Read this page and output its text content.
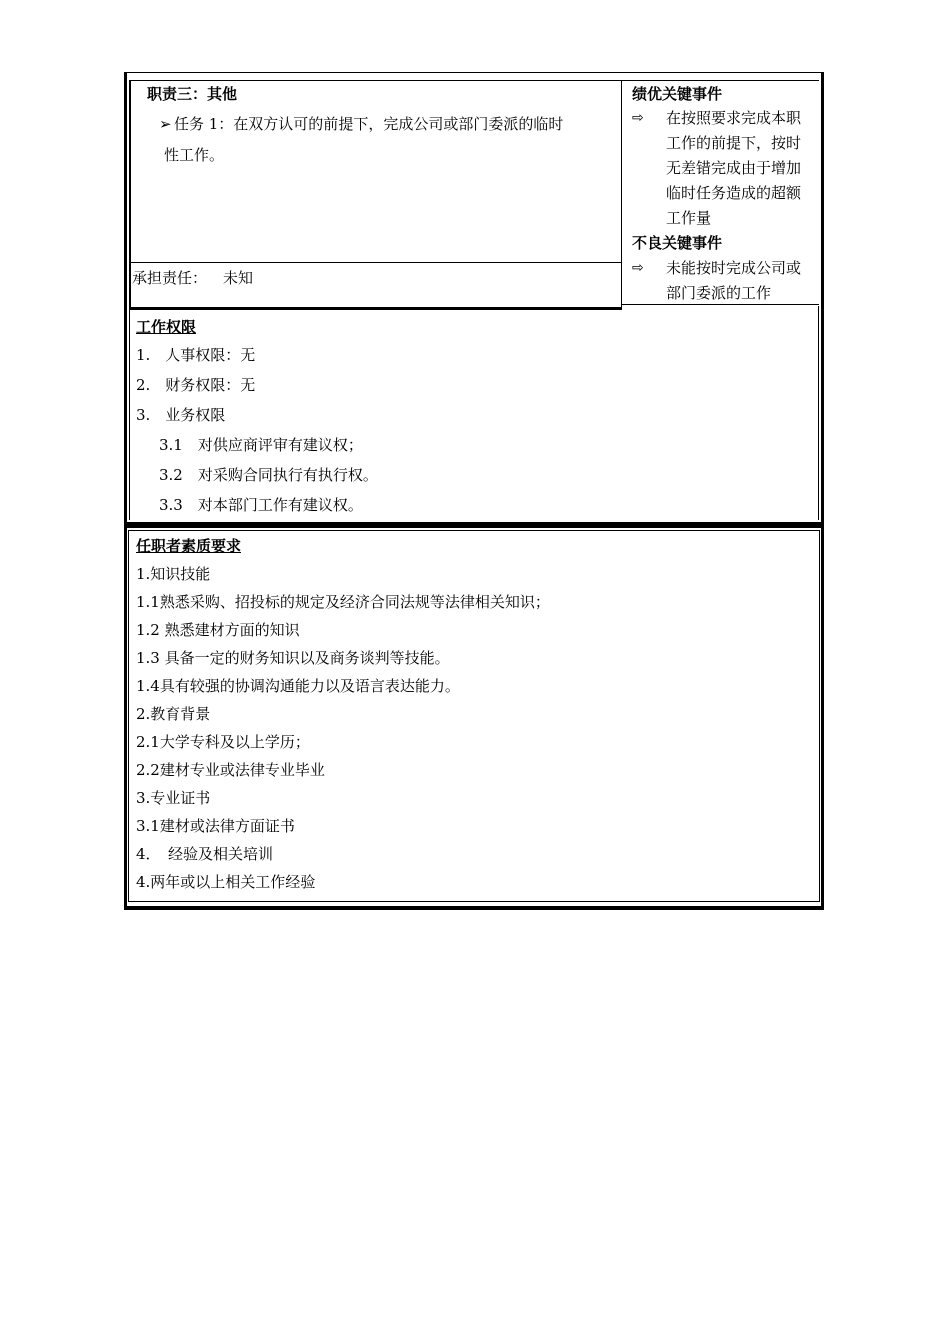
职责三：其他
➢ 任务 1：在双方认可的前提下，完成公司或部门委派的临时
性工作。
承担责任： 未知
绩优关键事件
⇨ 在按照要求完成本职
工作的前提下，按时
无差错完成由于增加
临时任务造成的超额
工作量
不良关键事件
⇨ 未能按时完成公司或
部门委派的工作
工作权限
1.　人事权限：无
2.　财务权限：无
3.　业务权限
3.1　对供应商评审有建议权；
3.2　对采购合同执行有执行权。
3.3　对本部门工作有建议权。
任职者素质要求
1.知识技能
1.1熟悉采购、招投标的规定及经济合同法规等法律相关知识；
1.2 熟悉建材方面的知识
1.3 具备一定的财务知识以及商务谈判等技能。
1.4具有较强的协调沟通能力以及语言表达能力。
2.教育背景
2.1大学专科及以上学历；
2.2建材专业或法律专业毕业
3.专业证书
3.1建材或法律方面证书
4．　经验及相关培训
4.两年或以上相关工作经验
